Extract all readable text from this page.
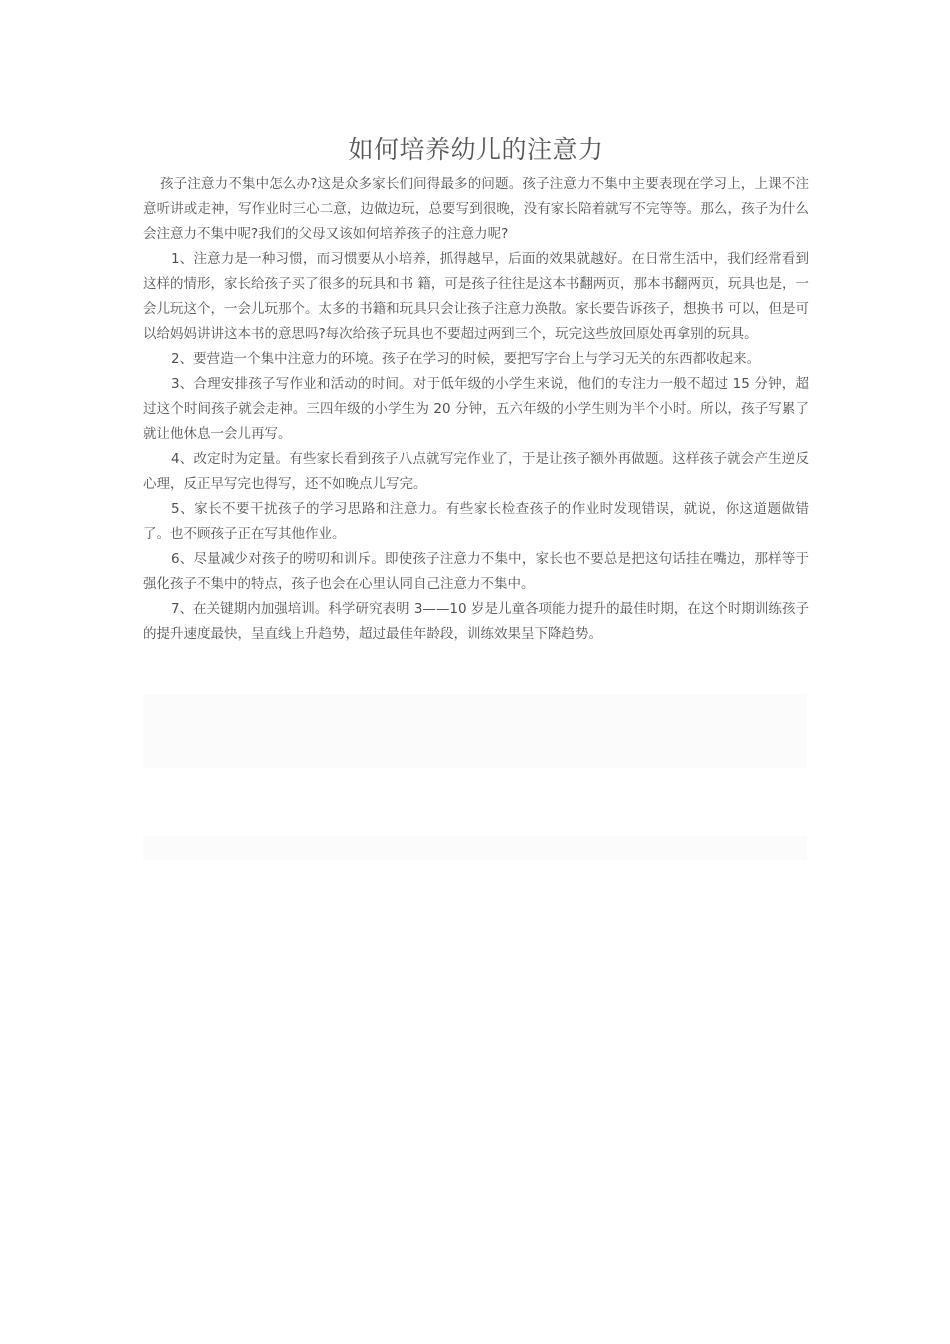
如何培养幼儿的注意力

孩子注意力不集中怎么办?这是众多家长们问得最多的问题。孩子注意力不集中主要表现在学习上，上课不注意听讲或走神，写作业时三心二意，边做边玩，总要写到很晚，没有家长陪着就写不完等等。那么，孩子为什么会注意力不集中呢?我们的父母又该如何培养孩子的注意力呢?

1、注意力是一种习惯，而习惯要从小培养，抓得越早，后面的效果就越好。在日常生活中，我们经常看到这样的情形，家长给孩子买了很多的玩具和书 籍，可是孩子往往是这本书翻两页，那本书翻两页，玩具也是，一会儿玩这个，一会儿玩那个。太多的书籍和玩具只会让孩子注意力涣散。家长要告诉孩子，想换书 可以，但是可以给妈妈讲讲这本书的意思吗?每次给孩子玩具也不要超过两到三个，玩完这些放回原处再拿别的玩具。

2、要营造一个集中注意力的环境。孩子在学习的时候，要把写字台上与学习无关的东西都收起来。

3、合理安排孩子写作业和活动的时间。对于低年级的小学生来说，他们的专注力一般不超过 15 分钟，超过这个时间孩子就会走神。三四年级的小学生为 20 分钟，五六年级的小学生则为半个小时。所以，孩子写累了就让他休息一会儿再写。

4、改定时为定量。有些家长看到孩子八点就写完作业了，于是让孩子额外再做题。这样孩子就会产生逆反心理，反正早写完也得写，还不如晚点儿写完。

5、家长不要干扰孩子的学习思路和注意力。有些家长检查孩子的作业时发现错误，就说，你这道题做错了。也不顾孩子正在写其他作业。

6、尽量减少对孩子的唠叨和训斥。即使孩子注意力不集中，家长也不要总是把这句话挂在嘴边，那样等于强化孩子不集中的特点，孩子也会在心里认同自己注意力不集中。

7、在关键期内加强培训。科学研究表明 3——10 岁是儿童各项能力提升的最佳时期，在这个时期训练孩子的提升速度最快，呈直线上升趋势，超过最佳年龄段，训练效果呈下降趋势。
